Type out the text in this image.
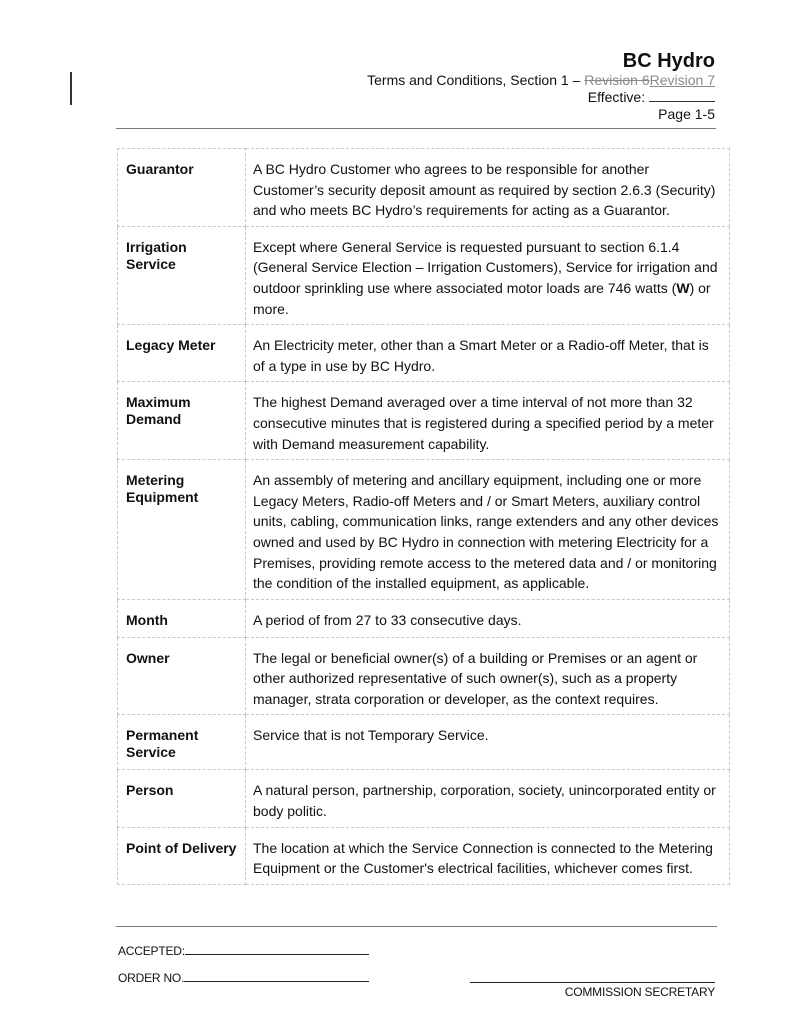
BC Hydro
Terms and Conditions, Section 1 – Revision 6Revision 7
Effective:
Page 1-5
Guarantor	A BC Hydro Customer who agrees to be responsible for another Customer’s security deposit amount as required by section 2.6.3 (Security) and who meets BC Hydro’s requirements for acting as a Guarantor.
Irrigation Service	Except where General Service is requested pursuant to section 6.1.4 (General Service Election – Irrigation Customers), Service for irrigation and outdoor sprinkling use where associated motor loads are 746 watts (W) or more.
Legacy Meter	An Electricity meter, other than a Smart Meter or a Radio-off Meter, that is of a type in use by BC Hydro.
Maximum Demand	The highest Demand averaged over a time interval of not more than 32 consecutive minutes that is registered during a specified period by a meter with Demand measurement capability.
Metering Equipment	An assembly of metering and ancillary equipment, including one or more Legacy Meters, Radio-off Meters and / or Smart Meters, auxiliary control units, cabling, communication links, range extenders and any other devices owned and used by BC Hydro in connection with metering Electricity for a Premises, providing remote access to the metered data and / or monitoring the condition of the installed equipment, as applicable.
Month	A period of from 27 to 33 consecutive days.
Owner	The legal or beneficial owner(s) of a building or Premises or an agent or other authorized representative of such owner(s), such as a property manager, strata corporation or developer, as the context requires.
Permanent Service	Service that is not Temporary Service.
Person	A natural person, partnership, corporation, society, unincorporated entity or body politic.
Point of Delivery	The location at which the Service Connection is connected to the Metering Equipment or the Customer's electrical facilities, whichever comes first.
ACCEPTED:
ORDER NO.
COMMISSION SECRETARY
